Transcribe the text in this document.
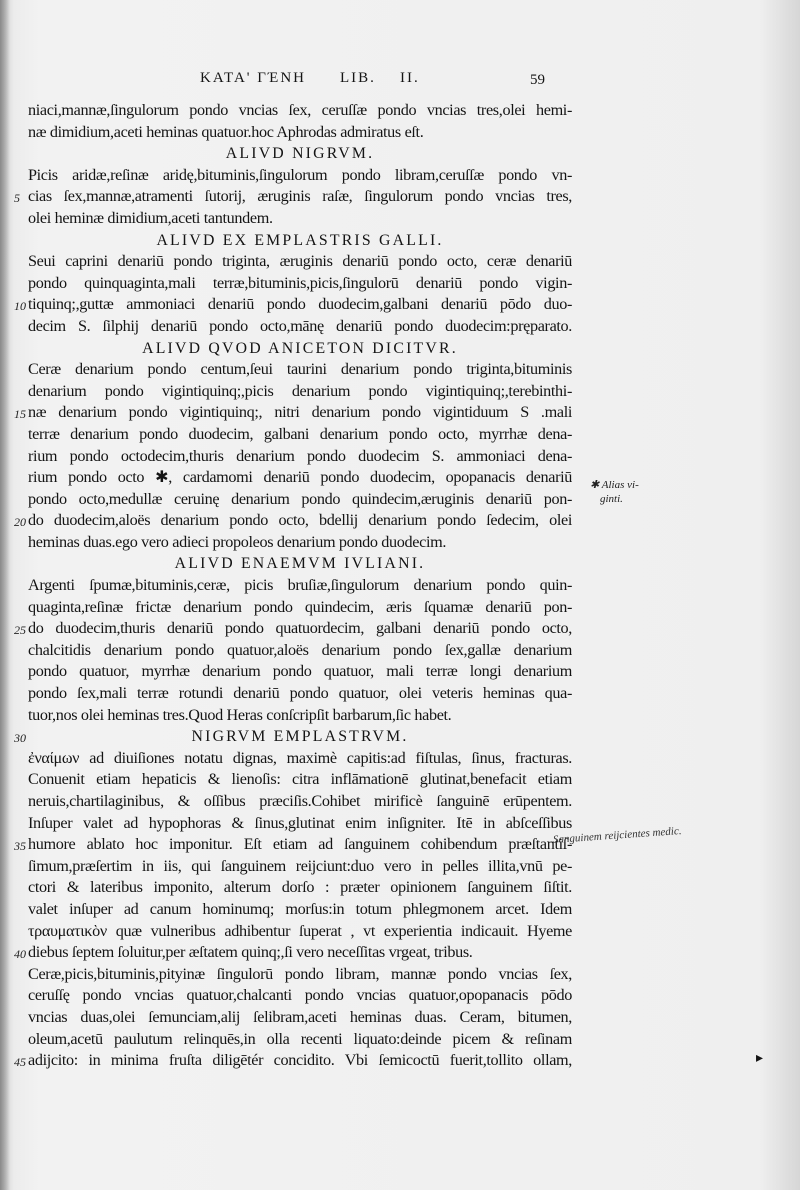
KATA' ΓΈΝΗ LIB. II.	59
niaci,mannæ,ſingulorum pondo vncias ſex, ceruſſæ pondo vncias tres,olei hemi-
næ dimidium,aceti heminas quatuor.hoc Aphrodas admiratus eſt.
ALIVD NIGRVM.
Picis aridæ,reſinæ aridę,bituminis,ſingulorum pondo libram,ceruſſæ pondo vn-
cias ſex,mannæ,atramenti ſutorij, æruginis raſæ, ſingulorum pondo vncias tres,
olei heminæ dimidium,aceti tantundem.
ALIVD EX EMPLASTRIS GALLI.
Seui caprini denariū pondo triginta, æruginis denariū pondo octo, ceræ denariū
pondo quinquaginta,mali terræ,bituminis,picis,ſingulorū denariū pondo vigin-
tiquinq;,guttæ ammoniaci denariū pondo duodecim,galbani denariū pōdo duo-
decim S. ſilphij denariū pondo octo,mānę denariū pondo duodecim:pręparato.
ALIVD QVOD ANICETON DICITVR.
Ceræ denarium pondo centum,ſeui taurini denarium pondo triginta,bituminis
denarium pondo vigintiquinq;,picis denarium pondo vigintiquinq;,terebinthi-
næ denarium pondo vigintiquinq;, nitri denarium pondo vigintiduum S .mali
terræ denarium pondo duodecim, galbani denarium pondo octo, myrrhæ dena-
rium pondo octodecim,thuris denarium pondo duodecim S. ammoniaci dena-
rium pondo octo ✱, cardamomi denariū pondo duodecim, opopanacis denariū
pondo octo,medullæ ceruinę denarium pondo quindecim,æruginis denariū pon-
do duodecim,aloës denarium pondo octo, bdellij denarium pondo ſedecim, olei
heminas duas.ego vero adieci propoleos denarium pondo duodecim.
ALIVD ENAEMVM IVLIANI.
Argenti ſpumæ,bituminis,ceræ, picis bruſiæ,ſingulorum denarium pondo quin-
quaginta,reſinæ frictæ denarium pondo quindecim, æris ſquamæ denariū pon-
do duodecim,thuris denariū pondo quatuordecim, galbani denariū pondo octo,
chalcitidis denarium pondo quatuor,aloës denarium pondo ſex,gallæ denarium
pondo quatuor, myrrhæ denarium pondo quatuor, mali terræ longi denarium
pondo ſex,mali terræ rotundi denariū pondo quatuor, olei veteris heminas qua-
tuor,nos olei heminas tres.Quod Heras conſcripſit barbarum,ſic habet.
NIGRVM EMPLASTRVM.
ἐναίμων ad diuiſiones notatu dignas, maximè capitis:ad fiſtulas, ſinus, fracturas.
Conuenit etiam hepaticis & lienoſis: citra inflāmationē glutinat,benefacit etiam
neruis,chartilaginibus, & oſſibus præciſis.Cohibet mirificè ſanguinē erūpentem.
Inſuper valet ad hypophoras & ſinus,glutinat enim inſigniter. Itē in abſceſſibus
humore ablato hoc imponitur. Eſt etiam ad ſanguinem cohibendum præſtantiſ-
ſimum,præſertim in iis, qui ſanguinem reijciunt:duo vero in pelles illita,vnū pe-
ctori & lateribus imponito, alterum dorſo : præter opinionem ſanguinem ſiſtit.
valet inſuper ad canum hominumq; morſus:in totum phlegmonem arcet. Idem
τραυματικὸν quæ vulneribus adhibentur ſuperat , vt experientia indicauit. Hyeme
diebus ſeptem ſoluitur,per æſtatem quinq;,ſi vero neceſſitas vrgeat, tribus.
Ceræ,picis,bituminis,pityinæ ſingulorū pondo libram, mannæ pondo vncias ſex,
ceruſſę pondo vncias quatuor,chalcanti pondo vncias quatuor,opopanacis pōdo
vncias duas,olei ſemunciam,alij ſelibram,aceti heminas duas. Ceram, bitumen,
oleum,acetū paulutum relinquēs,in olla recenti liquato:deinde picem & reſinam
adijcito: in minima fruſta diligētér concidito. Vbi ſemicoctū fuerit,tollito ollam,
5
10
15
20
25
30
35
40
45
✱ Alias vi-
ginti.
Sanguinem reijcientes medic.
▸
